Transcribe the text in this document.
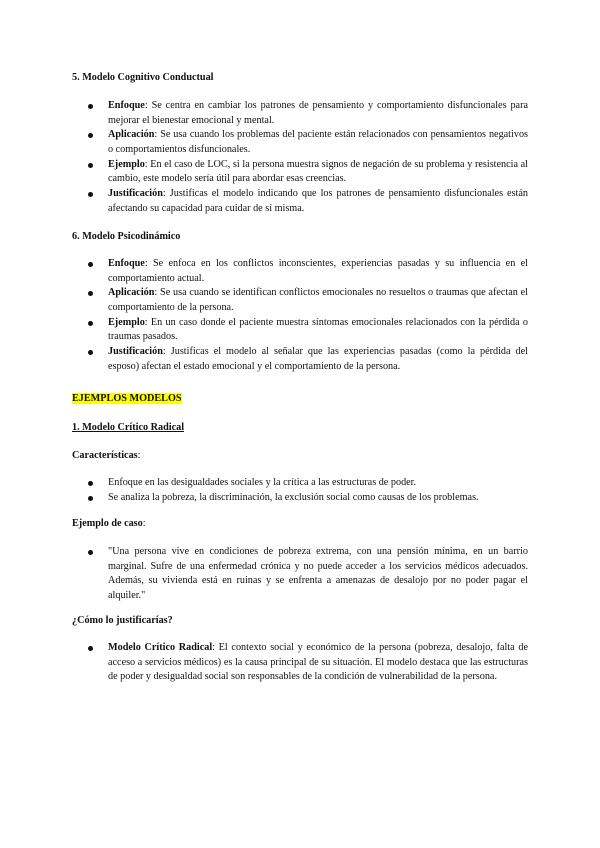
5. Modelo Cognitivo Conductual
Enfoque: Se centra en cambiar los patrones de pensamiento y comportamiento disfuncionales para mejorar el bienestar emocional y mental.
Aplicación: Se usa cuando los problemas del paciente están relacionados con pensamientos negativos o comportamientos disfuncionales.
Ejemplo: En el caso de LOC, si la persona muestra signos de negación de su problema y resistencia al cambio, este modelo sería útil para abordar esas creencias.
Justificación: Justificas el modelo indicando que los patrones de pensamiento disfuncionales están afectando su capacidad para cuidar de sí misma.
6. Modelo Psicodinámico
Enfoque: Se enfoca en los conflictos inconscientes, experiencias pasadas y su influencia en el comportamiento actual.
Aplicación: Se usa cuando se identifican conflictos emocionales no resueltos o traumas que afectan el comportamiento de la persona.
Ejemplo: En un caso donde el paciente muestra síntomas emocionales relacionados con la pérdida o traumas pasados.
Justificación: Justificas el modelo al señalar que las experiencias pasadas (como la pérdida del esposo) afectan el estado emocional y el comportamiento de la persona.
EJEMPLOS MODELOS
1. Modelo Crítico Radical
Características:
Enfoque en las desigualdades sociales y la crítica a las estructuras de poder.
Se analiza la pobreza, la discriminación, la exclusión social como causas de los problemas.
Ejemplo de caso:
"Una persona vive en condiciones de pobreza extrema, con una pensión mínima, en un barrio marginal. Sufre de una enfermedad crónica y no puede acceder a los servicios médicos adecuados. Además, su vivienda está en ruinas y se enfrenta a amenazas de desalojo por no poder pagar el alquiler."
¿Cómo lo justificarías?
Modelo Crítico Radical: El contexto social y económico de la persona (pobreza, desalojo, falta de acceso a servicios médicos) es la causa principal de su situación. El modelo destaca que las estructuras de poder y desigualdad social son responsables de la condición de vulnerabilidad de la persona.
